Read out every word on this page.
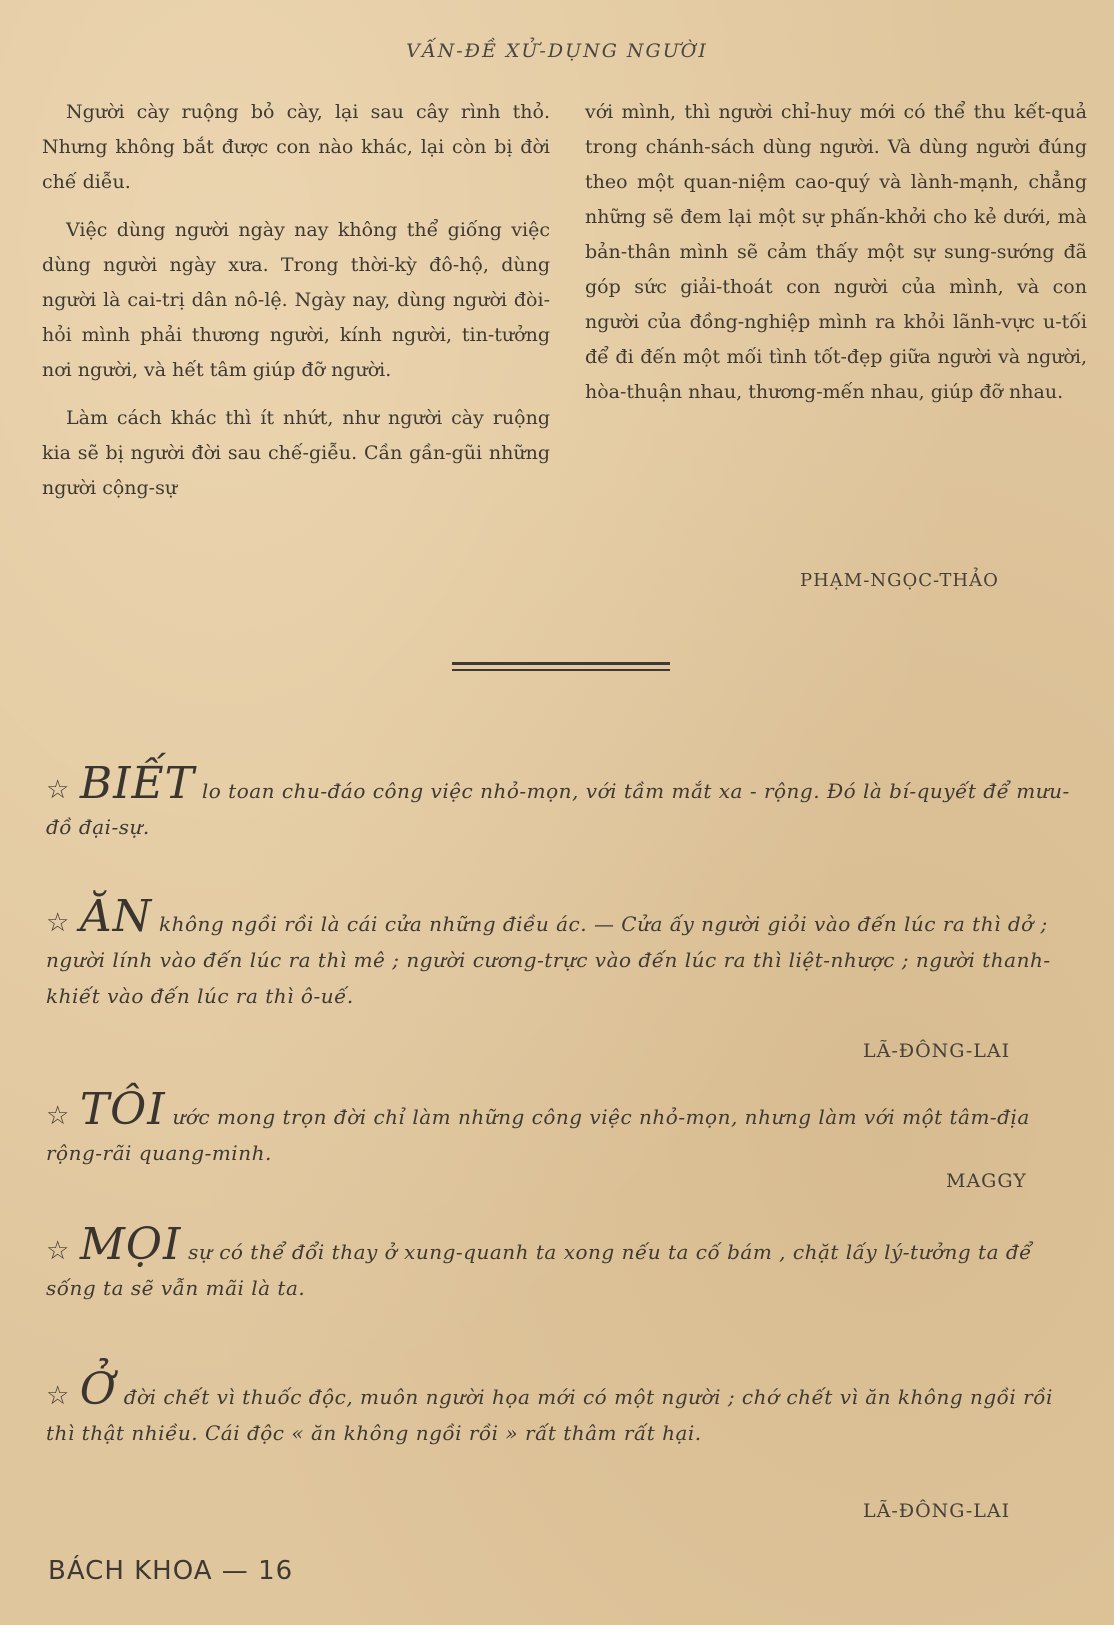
VẤN-ĐỀ XỬ-DỤNG NGƯỜI

Người cày ruộng bỏ cày, lại sau cây rình thỏ. Nhưng không bắt được con nào khác, lại còn bị đời chế diễu.

Việc dùng người ngày nay không thể giống việc dùng người ngày xưa. Trong thời-kỳ đô-hộ, dùng người là cai-trị dân nô-lệ. Ngày nay, dùng người đòi-hỏi mình phải thương người, kính người, tin-tưởng nơi người, và hết tâm giúp đỡ người.

Làm cách khác thì ít nhứt, như người cày ruộng kia sẽ bị người đời sau chế-giễu. Cần gần-gũi những người cộng-sự

với mình, thì người chỉ-huy mới có thể thu kết-quả trong chánh-sách dùng người. Và dùng người đúng theo một quan-niệm cao-quý và lành-mạnh, chẳng những sẽ đem lại một sự phấn-khởi cho kẻ dưới, mà bản-thân mình sẽ cảm thấy một sự sung-sướng đã góp sức giải-thoát con người của mình, và con người của đồng-nghiệp mình ra khỏi lãnh-vực u-tối để đi đến một mối tình tốt-đẹp giữa người và người, hòa-thuận nhau, thương-mến nhau, giúp đỡ nhau.

PHẠM-NGỌC-THẢO
☆ BIẾT lo toan chu-đáo công việc nhỏ-mọn, với tầm mắt xa - rộng. Đó là bí-quyết để mưu-đồ đại-sự.
☆ ĂN không ngồi rồi là cái cửa những điều ác. — Cửa ấy người giỏi vào đến lúc ra thì dở ; người lính vào đến lúc ra thì mê ; người cương-trực vào đến lúc ra thì liệt-nhược ; người thanh-khiết vào đến lúc ra thì ô-uế.
LÃ-ĐÔNG-LAI
☆ TÔI ước mong trọn đời chỉ làm những công việc nhỏ-mọn, nhưng làm với một tâm-địa rộng-rãi quang-minh.
MAGGY
☆ MỌI sự có thể đổi thay ở xung-quanh ta xong nếu ta cố bám , chặt lấy lý-tưởng ta để sống ta sẽ vẫn mãi là ta.
☆ Ở đời chết vì thuốc độc, muôn người họa mới có một người ; chớ chết vì ăn không ngồi rồi thì thật nhiều. Cái độc « ăn không ngồi rồi » rất thâm rất hại.
LÃ-ĐÔNG-LAI
BÁCH KHOA — 16
